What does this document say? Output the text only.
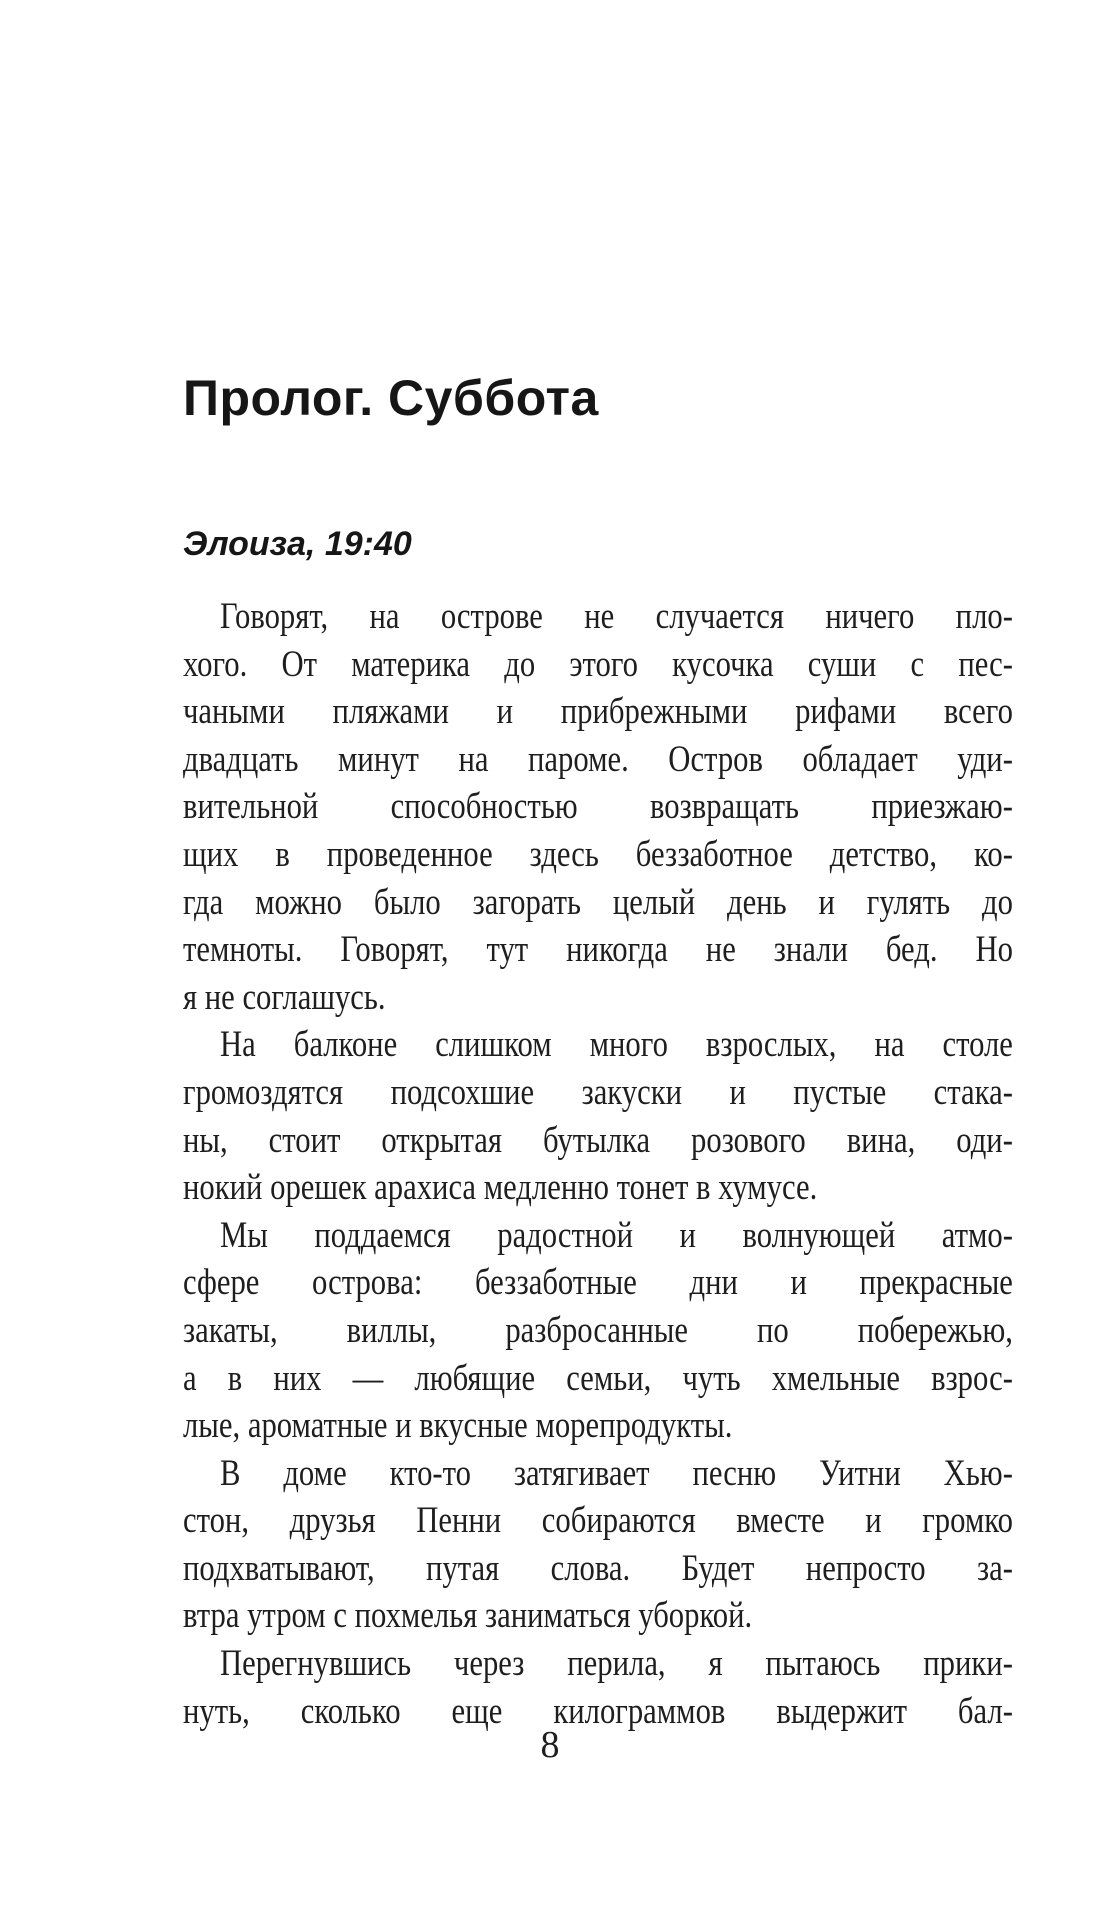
Пролог. Суббота
Элоиза, 19:40
Говорят, на острове не случается ничего пло-
хого. От материка до этого кусочка суши с пес-
чаными пляжами и прибрежными рифами всего
двадцать минут на пароме. Остров обладает уди-
вительной способностью возвращать приезжаю-
щих в проведенное здесь беззаботное детство, ко-
гда можно было загорать целый день и гулять до
темноты. Говорят, тут никогда не знали бед. Но
я не соглашусь.
На балконе слишком много взрослых, на столе
громоздятся подсохшие закуски и пустые стака-
ны, стоит открытая бутылка розового вина, оди-
нокий орешек арахиса медленно тонет в хумусе.
Мы поддаемся радостной и волнующей атмо-
сфере острова: беззаботные дни и прекрасные
закаты, виллы, разбросанные по побережью,
а в них — любящие семьи, чуть хмельные взрос-
лые, ароматные и вкусные морепродукты.
В доме кто-то затягивает песню Уитни Хью-
стон, друзья Пенни собираются вместе и громко
подхватывают, путая слова. Будет непросто за-
втра утром с похмелья заниматься уборкой.
Перегнувшись через перила, я пытаюсь прики-
нуть, сколько еще килограммов выдержит бал-
8
